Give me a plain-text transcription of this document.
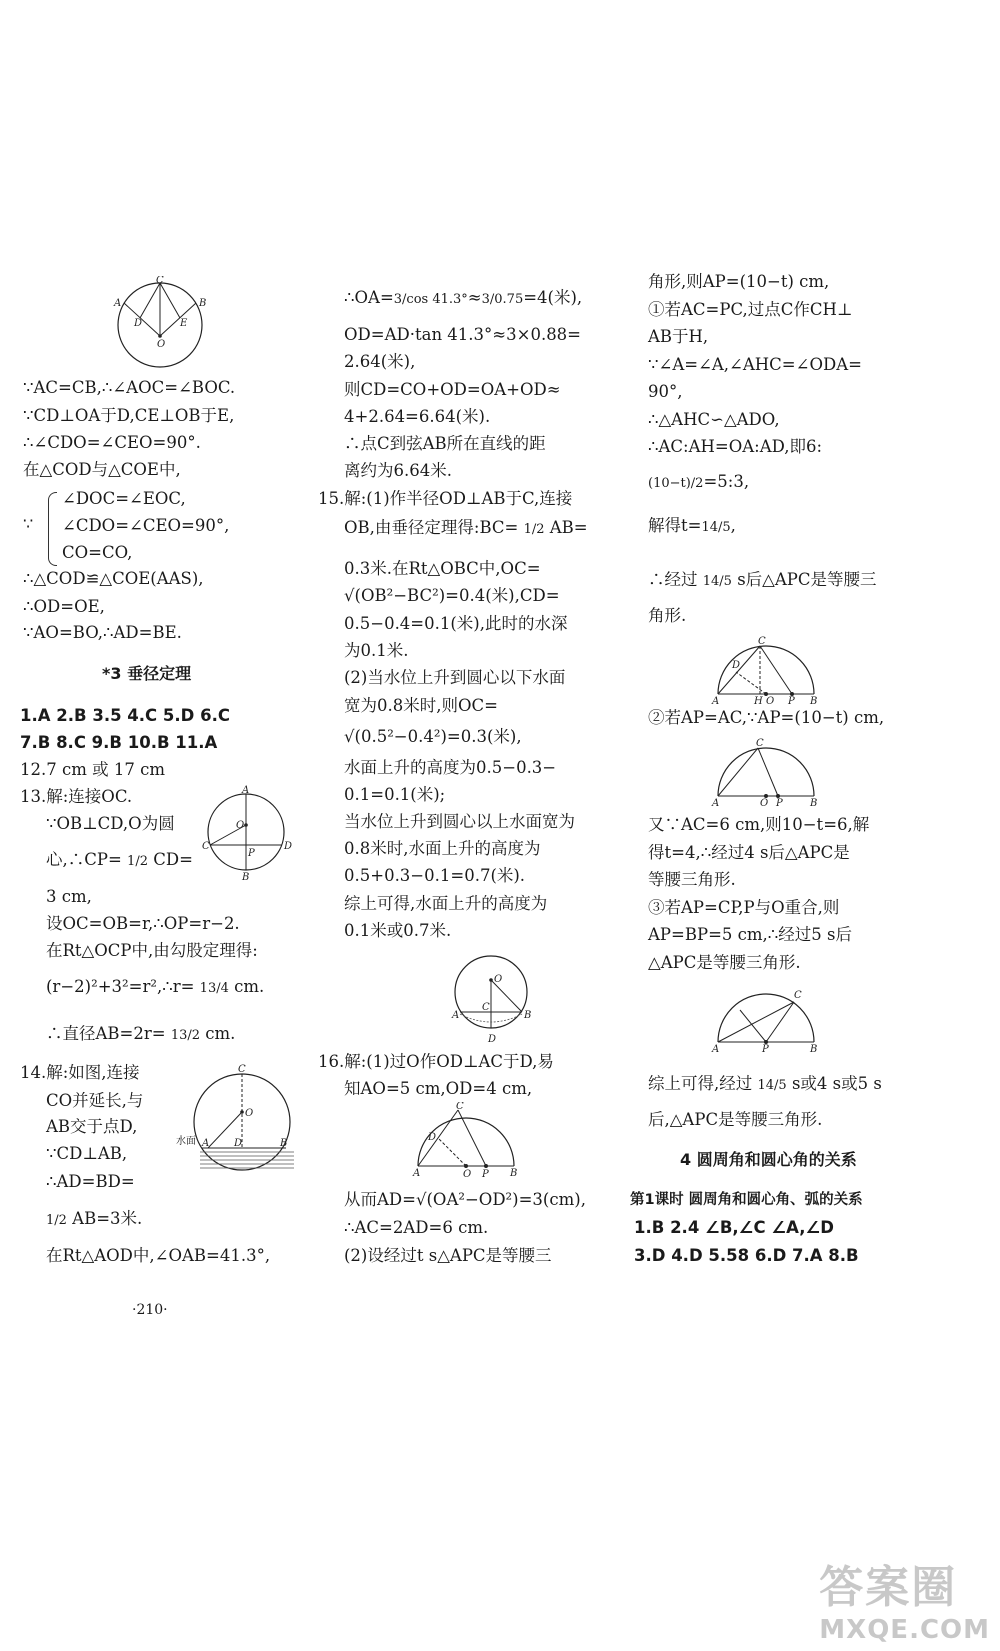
C
A	B
D	E
O
∵AC=CB,∴∠AOC=∠BOC.
∵CD⊥OA于D,CE⊥OB于E,
∴∠CDO=∠CEO=90°.
在△COD与△COE中,
∵
∠DOC=∠EOC,
∠CDO=∠CEO=90°,
CO=CO,
∴△COD≌△COE(AAS),
∴OD=OE,
∵AO=BO,∴AD=BE.
*3 垂径定理
1.A 2.B 3.5 4.C 5.D 6.C
7.B 8.C 9.B 10.B 11.A
12.7 cm 或 17 cm
13.解:连接OC.
∵OB⊥CD,O为圆
心,∴CP= 1/2 CD=
3 cm,
设OC=OB=r,∴OP=r−2.
在Rt△OCP中,由勾股定理得:
(r−2)²+3²=r²,∴r= 13/4 cm.
∴直径AB=2r= 13/2 cm.
A
C	D
O
P
B
14.解:如图,连接
CO并延长,与
AB交于点D,
∵CD⊥AB,
∴AD=BD=
1/2 AB=3米.
在Rt△AOD中,∠OAB=41.3°,
C
O
A D	B
水面
·210·
∴OA=3/cos 41.3°≈3/0.75=4(米),
OD=AD·tan 41.3°≈3×0.88=
2.64(米),
则CD=CO+OD=OA+OD≈
4+2.64=6.64(米).
∴点C到弦AB所在直线的距
离约为6.64米.
15.解:(1)作半径OD⊥AB于C,连接
OB,由垂径定理得:BC= 1/2 AB=
0.3米.在Rt△OBC中,OC=
√(OB²−BC²)=0.4(米),CD=
0.5−0.4=0.1(米),此时的水深
为0.1米.
(2)当水位上升到圆心以下水面
宽为0.8米时,则OC=
√(0.5²−0.4²)=0.3(米),
水面上升的高度为0.5−0.3−
0.1=0.1(米);
当水位上升到圆心以上水面宽为
0.8米时,水面上升的高度为
0.5+0.3−0.1=0.7(米).
综上可得,水面上升的高度为
0.1米或0.7米.
O
C
A	B
D
16.解:(1)过O作OD⊥AC于D,易
知AO=5 cm,OD=4 cm,
C
D
A	O P B
从而AD=√(OA²−OD²)=3(cm),
∴AC=2AD=6 cm.
(2)设经过t s△APC是等腰三
角形,则AP=(10−t) cm,
①若AC=PC,过点C作CH⊥
AB于H,
∵∠A=∠A,∠AHC=∠ODA=
90°,
∴△AHC∽△ADO,
∴AC:AH=OA:AD,即6:
(10−t)/2=5:3,
解得t=14/5,
∴经过 14/5 s后△APC是等腰三
角形.
C
D
A	H O P B
②若AP=AC,∵AP=(10−t) cm,
C
A	O P	B
又∵AC=6 cm,则10−t=6,解
得t=4,∴经过4 s后△APC是
等腰三角形.
③若AP=CP,P与O重合,则
AP=BP=5 cm,∴经过5 s后
△APC是等腰三角形.
C
A	P	B
综上可得,经过 14/5 s或4 s或5 s
后,△APC是等腰三角形.
4 圆周角和圆心角的关系
第1课时 圆周角和圆心角、弧的关系
1.B 2.4 ∠B,∠C ∠A,∠D
3.D 4.D 5.58 6.D 7.A 8.B
答案圈
MXQE.COM
